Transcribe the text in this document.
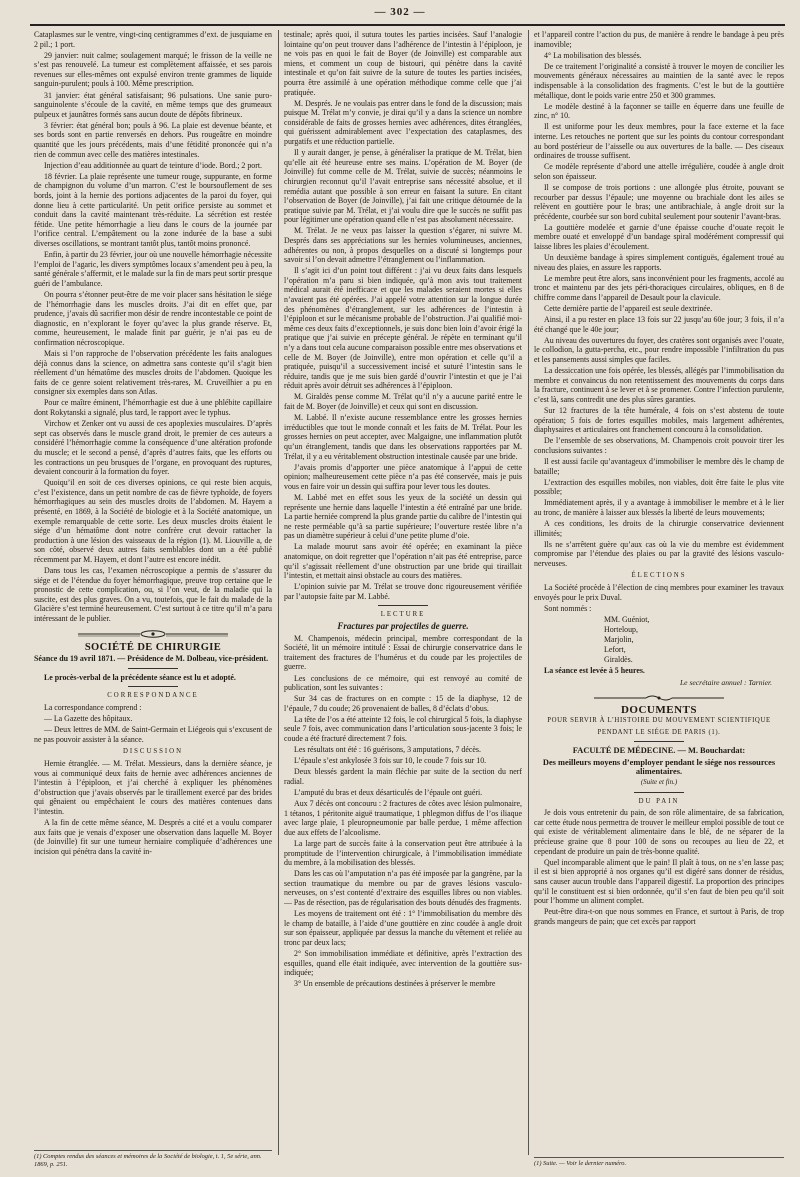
— 302 —

Cataplasmes sur le ventre, vingt-cinq centigrammes d’ext. de jusquiame en 2 pil.; 1 port.

29 janvier: nuit calme; soulagement marqué; le frisson de la veille ne s’est pas renouvelé. La tumeur est complètement affaissée, et ses parois revenues sur elles-mêmes ont expulsé environ trente grammes de liquide sanguin-purulent; pouls à 100. Même prescription.

31 janvier: état général satisfaisant; 96 pulsations. Une sanie puro-sanguinolente s’écoule de la cavité, en même temps que des grumeaux pulpeux et jaunâtres formés sans aucun doute de dépôts fibrineux.

3 février: état général bon; pouls à 96. La plaie est devenue béante, et ses bords sont en partie renversés en dehors. Pus rougeâtre en moindre quantité que les jours précédents, mais d’une fétidité prononcée qui n’a rien de commun avec celle des matières intestinales.

Injection d’eau additionnée au quart de teinture d’iode. Bord.; 2 port.

18 février. La plaie représente une tumeur rouge, suppurante, en forme de champignon du volume d’un marron. C’est le boursouflement de ses bords, joint à la hernie des portions adjacentes de la paroi du foyer, qui donne lieu à cette particularité. Un petit orifice persiste au sommet et conduit dans la cavité maintenant très-réduite. La sécrétion est restée fétide. Une petite hémorrhagie a lieu dans le cours de la journée par l’orifice central. L’empâtement ou la zone indurée de la base a subi diverses oscillations, se montrant tantôt plus, tantôt moins prononcé.

Enfin, à partir du 23 février, jour où une nouvelle hémorrhagie nécessite l’emploi de l’agaric, les divers symptômes locaux s’amendent peu à peu, la santé générale s’affermit, et le malade sur la fin de mars peut sortir presque guéri de l’ambulance.

On pourra s’étonner peut-être de me voir placer sans hésitation le siége de l’hémorrhagie dans les muscles droits. J’ai dit en effet que, par prudence, j’avais dû sacrifier mon désir de rendre incontestable ce point de diagnostic, en n’explorant le foyer qu’avec la plus grande réserve. Et, comme, heureusement, le malade finit par guérir, je n’ai pas eu de confirmation nécroscopique.

Mais si l’on rapproche de l’observation précédente les faits analogues déjà connus dans la science, on admettra sans conteste qu’il s’agit bien réellement d’un hématôme des muscles droits de l’abdomen. Quoique les faits de ce genre soient relativement très-rares, M. Cruveilhier a pu en consigner six exemples dans son Atlas.

Pour ce maître éminent, l’hémorrhagie est due à une phlébite capillaire dont Rokytanski a signalé, plus tard, le rapport avec le typhus.

Virchow et Zenker ont vu aussi de ces apoplexies musculaires. D’après sept cas observés dans le muscle grand droit, le premier de ces auteurs a considéré l’hémorrhagie comme la conséquence d’une altération profonde du muscle; et le second a pensé, d’après d’autres faits, que les efforts ou les contractions un peu brusques de l’organe, en provoquant des ruptures, devaient concourir à la formation du foyer.

Quoiqu’il en soit de ces diverses opinions, ce qui reste bien acquis, c’est l’existence, dans un petit nombre de cas de fièvre typhoïde, de foyers hémorrhagiques au sein des muscles droits de l’abdomen. M. Hayem a présenté, en 1869, à la Société de biologie et à la Société anatomique, un exemple remarquable de cette sorte. Les deux muscles droits étaient le siége d’un hématôme dont notre confrère crut devoir rattacher la production à une lésion des vaisseaux de la région (1). M. Liouville a, de son côté, observé deux autres faits semblables dont un a été publié récemment par M. Hayem, et dont l’autre est encore inédit.

Dans tous les cas, l’examen nécroscopique a permis de s’assurer du siége et de l’étendue du foyer hémorrhagique, preuve trop certaine que le pronostic de cette complication, ou, si l’on veut, de la maladie qui la suscite, est des plus graves. On a vu, toutefois, que le fait du malade de la Glacière s’est terminé heureusement. C’est surtout à ce titre qu’il m’a paru intéressant de le publier.

SOCIÉTÉ DE CHIRURGIE

Séance du 19 avril 1871. — Présidence de M. Dolbeau, vice-président.

Le procès-verbal de la précédente séance est lu et adopté.

CORRESPONDANCE

La correspondance comprend :

— La Gazette des hôpitaux.

— Deux lettres de MM. de Saint-Germain et Liégeois qui s’excusent de ne pas pouvoir assister à la séance.

DISCUSSION

Hernie étranglée. — M. Trélat. Messieurs, dans la dernière séance, je vous ai communiqué deux faits de hernie avec adhérences anciennes de l’intestin à l’épiploon, et j’ai cherché à expliquer les phénomènes d’obstruction que j’avais observés par le tiraillement exercé par des brides qui gênaient ou empêchaient le cours des matières contenues dans l’intestin.

A la fin de cette même séance, M. Després a cité et a voulu comparer aux faits que je venais d’exposer une observation dans laquelle M. Boyer (de Joinville) fit sur une tumeur herniaire compliquée d’adhérences une incision qui pénétra dans la cavité in-

testinale; après quoi, il sutura toutes les parties incisées. Sauf l’analogie lointaine qu’on peut trouver dans l’adhérence de l’intestin à l’épiploon, je ne vois pas en quoi le fait de Boyer (de Joinville) est comparable aux miens, et comment un coup de bistouri, qui pénètre dans la cavité intestinale et qu’on fait suivre de la suture de toutes les parties incisées, pourra être assimilé à une opération méthodique comme celle que j’ai pratiquée.

M. Després. Je ne voulais pas entrer dans le fond de la discussion; mais puisque M. Trélat m’y convie, je dirai qu’il y a dans la science un nombre considérable de faits de grosses hernies avec adhérences, dites étranglées, qui guérissent admirablement avec l’expectation des cataplasmes, des purgatifs et une réduction partielle.

Il y aurait danger, je pense, à généraliser la pratique de M. Trélat, bien qu’elle ait été heureuse entre ses mains. L’opération de M. Boyer (de Joinville) fut comme celle de M. Trélat, suivie de succès; néanmoins le chirurgien reconnut qu’il l’avait entreprise sans nécessité absolue, et il remédia autant que possible à son erreur en faisant la suture. En citant l’observation de Boyer (de Joinville), j’ai fait une critique détournée de la pratique suivie par M. Trélat, et j’ai voulu dire que le succès ne suffit pas pour légitimer une opération quand elle n’est pas absolument nécessaire.

M. Trélat. Je ne veux pas laisser la question s’égarer, ni suivre M. Després dans ses appréciations sur les hernies volumineuses, anciennes, adhérentes ou non, à propos desquelles on a discuté si longtemps pour savoir si l’on devait admettre l’étranglement ou l’inflammation.

Il s’agit ici d’un point tout différent : j’ai vu deux faits dans lesquels l’opération m’a paru si bien indiquée, qu’à mon avis tout traitement médical aurait été inefficace et que les malades seraient mortes si elles n’avaient pas été opérées. J’ai appelé votre attention sur la longue durée des phénomènes d’étranglement, sur les adhérences de l’intestin à l’épiploon et sur le mécanisme probable de l’obstruction. J’ai qualifié moi-même ces deux faits d’exceptionnels, je suis donc bien loin d’avoir érigé la pratique que j’ai suivie en précepte général. Je répète en terminant qu’il n’y a dans tout cela aucune comparaison possible entre mes observations et celle de M. Boyer (de Joinville), entre mon opération et celle qu’il a pratiquée, puisqu’il a successivement incisé et suturé l’intestin sans le réduire, tandis que je me suis bien gardé d’ouvrir l’intestin et que je l’ai réduit après avoir détruit ses adhérences à l’épiploon.

M. Giraldès pense comme M. Trélat qu’il n’y a aucune parité entre le fait de M. Boyer (de Joinville) et ceux qui sont en discussion.

M. Labbé. Il n’existe aucune ressemblance entre les grosses hernies irréductibles que tout le monde connaît et les faits de M. Trélat. Pour les grosses hernies on peut accepter, avec Malgaigne, une inflammation plutôt qu’un étranglement, tandis que dans les observations rapportées par M. Trélat, il y a eu véritablement obstruction intestinale causée par une bride.

J’avais promis d’apporter une pièce anatomique à l’appui de cette opinion; malheureusement cette pièce n’a pas été conservée, mais je puis vous en faire voir un dessin qui suffira pour lever tous les doutes.

M. Labbé met en effet sous les yeux de la société un dessin qui représente une hernie dans laquelle l’intestin a été entraîné par une bride. La partie herniée comprend la plus grande partie du calibre de l’intestin qui ne reste perméable qu’à sa partie supérieure; l’ouverture restée libre n’a pas un diamètre supérieur à celui d’une petite plume d’oie.

La malade mourut sans avoir été opérée; en examinant la pièce anatomique, on doit regretter que l’opération n’ait pas été entreprise, parce qu’il s’agissait réellement d’une obstruction par une bride qui tiraillait l’intestin, et mettait ainsi obstacle au cours des matières.

L’opinion suivie par M. Trélat se trouve donc rigoureusement vérifiée par l’autopsie faite par M. Labbé.

LECTURE
Fractures par projectiles de guerre.

M. Champenois, médecin principal, membre correspondant de la Société, lit un mémoire intitulé : Essai de chirurgie conservatrice dans le traitement des fractures de l’humérus et du coude par les projectiles de guerre.

Les conclusions de ce mémoire, qui est renvoyé au comité de publication, sont les suivantes :

Sur 34 cas de fractures on en compte : 15 de la diaphyse, 12 de l’épaule, 7 du coude; 26 provenaient de balles, 8 d’éclats d’obus.

La tête de l’os a été atteinte 12 fois, le col chirurgical 5 fois, la diaphyse seule 7 fois, avec communication dans l’articulation sous-jacente 3 fois; le coude a été fracturé directement 7 fois.

Les résultats ont été : 16 guérisons, 3 amputations, 7 décès.

L’épaule s’est ankylosée 3 fois sur 10, le coude 7 fois sur 10.

Deux blessés gardent la main fléchie par suite de la section du nerf radial.

L’amputé du bras et deux désarticulés de l’épaule ont guéri.

Aux 7 décès ont concouru : 2 fractures de côtes avec lésion pulmonaire, 1 tétanos, 1 péritonite aiguë traumatique, 1 phlegmon diffus de l’os iliaque avec large plaie, 1 pleuropneumonie par balle perdue, 1 même affection due aux effets de l’alcoolisme.

La large part de succès faite à la conservation peut être attribuée à la promptitude de l’intervention chirurgicale, à l’immobilisation immédiate du membre, à la mobilisation des blessés.

Dans les cas où l’amputation n’a pas été imposée par la gangrène, par la section traumatique du membre ou par de graves lésions vasculo-nerveuses, on s’est contenté d’extraire des esquilles libres ou non viables. — Pas de résection, pas de régularisation des bouts dénudés des fragments.

Les moyens de traitement ont été : 1° l’immobilisation du membre dès le champ de bataille, à l’aide d’une gouttière en zinc coudée à angle droit sur son épaisseur, appliquée par dessus la manche du vêtement et reliée au tronc par deux lacs;

2° Son immobilisation immédiate et définitive, après l’extraction des esquilles, quand elle était indiquée, avec intervention de la gouttière sus-indiquée;

3° Un ensemble de précautions destinées à préserver le membre

et l’appareil contre l’action du pus, de manière à rendre le bandage à peu près inamovible;

4° La mobilisation des blessés.

De ce traitement l’originalité a consisté à trouver le moyen de concilier les mouvements généraux nécessaires au maintien de la santé avec le repos indispensable à la consolidation des fragments. C’est le but de la gouttière métallique, dont le poids varie entre 250 et 300 grammes.

Le modèle destiné à la façonner se taille en équerre dans une feuille de zinc, n° 10.

Il est uniforme pour les deux membres, pour la face externe et la face interne. Les retouches ne portent que sur les points du contour correspondant au bord postérieur de l’aisselle ou aux ouvertures de la balle. — Des ciseaux ordinaires de trousse suffisent.

Ce modèle représente d’abord une attelle irrégulière, coudée à angle droit selon son épaisseur.

Il se compose de trois portions : une allongée plus étroite, pouvant se recourber par dessus l’épaule; une moyenne ou brachiale dont les ailes se relèvent en gouttière pour le bras; une antibrachiale, à angle droit sur la précédente, courbée sur son bord cubital seulement pour soutenir l’avant-bras.

La gouttière modelée et garnie d’une épaisse couche d’ouate reçoit le membre ouaté et enveloppé d’un bandage spiral modérément compressif qui laisse libres les plaies d’écoulement.

Un deuxième bandage à spires simplement contiguës, également troué au niveau des plaies, en assure les rapports.

Le membre peut être alors, sans inconvénient pour les fragments, accolé au tronc et maintenu par des jets péri-thoraciques circulaires, obliques, en 8 de chiffre comme dans l’appareil de Desault pour la clavicule.

Cette dernière partie de l’appareil est seule dextrinée.

Ainsi, il a pu rester en place 13 fois sur 22 jusqu’au 60e jour; 3 fois, il n’a été changé que le 40e jour;

Au niveau des ouvertures du foyer, des cratères sont organisés avec l’ouate, le collodion, la gutta-percha, etc., pour rendre impossible l’infiltration du pus et les pansements aussi simples que faciles.

La dessiccation une fois opérée, les blessés, allégés par l’immobilisation du membre et convaincus du non retentissement des mouvements du corps dans la fracture, continuent à se lever et à se promener. Contre l’infection purulente, c’est là, sans contredit une des plus sûres garanties.

Sur 12 fractures de la tête humérale, 4 fois on s’est abstenu de toute opération; 5 fois de fortes esquilles mobiles, mais largement adhérentes, diaphysaires et articulaires ont franchement concouru à la consolidation.

De l’ensemble de ses observations, M. Champenois croit pouvoir tirer les conclusions suivantes :

Il est aussi facile qu’avantageux d’immobiliser le membre dès le champ de bataille;

L’extraction des esquilles mobiles, non viables, doit être faite le plus vite possible;

Immédiatement après, il y a avantage à immobiliser le membre et à le lier au tronc, de manière à laisser aux blessés la liberté de leurs mouvements;

A ces conditions, les droits de la chirurgie conservatrice deviennent illimités;

Ils ne s’arrêtent guère qu’aux cas où la vie du membre est évidemment compromise par l’étendue des plaies ou par la gravité des lésions vasculo-nerveuses.

ÉLECTIONS

La Société procède à l’élection de cinq membres pour examiner les travaux envoyés pour le prix Duval.

Sont nommés :

MM. Guéniot,
Horteloup,
Marjolin,
Lefort,
Giraldès.

La séance est levée à 5 heures.

Le secrétaire annuel : Tarnier.
DOCUMENTS
POUR SERVIR À L’HISTOIRE DU MOUVEMENT SCIENTIFIQUE
PENDANT LE SIÉGE DE PARIS (1).
FACULTÉ DE MÉDECINE. — M. Bouchardat:
Des meilleurs moyens d’employer pendant le siége nos ressources alimentaires.
(Suite et fin.)
DU PAIN

Je dois vous entretenir du pain, de son rôle alimentaire, de sa fabrication, car cette étude nous permettra de trouver le meilleur emploi possible de tout ce qui existe de véritablement alimentaire dans le blé, de ne séparer de la précieuse graine que 8 pour 100 de sons ou recoupes au lieu de 22, et cependant de produire un pain de très-bonne qualité.

Quel incomparable aliment que le pain! Il plaît à tous, on ne s’en lasse pas; il est si bien approprié à nos organes qu’il est digéré sans donner de résidus, sans causer aucun trouble dans l’appareil digestif. La proportion des principes qu’il le constituent est si bien ordonnée, qu’il s’en faut de bien peu qu’il soit pour l’homme un aliment complet.

Peut-être dira-t-on que nous sommes en France, et surtout à Paris, de trop grands mangeurs de pain; que cet excès par rapport

(1) Comptes rendus des séances et mémoires de la Société de biologie, t. 1, 5e série, ann. 1869, p. 251.	(1) Suite. — Voir le dernier numéro.
